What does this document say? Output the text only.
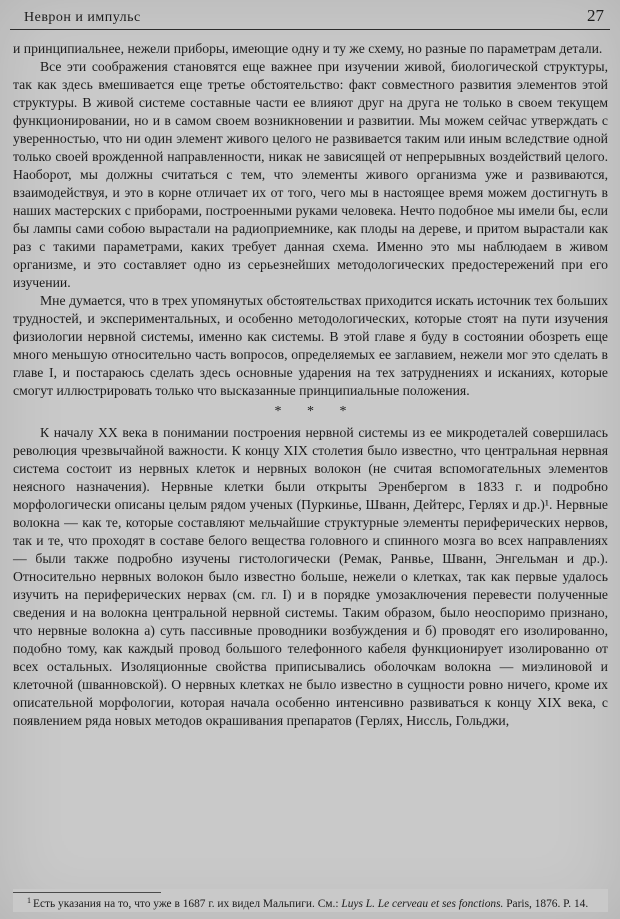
Неврон и импульс	27

и принципиальнее, нежели приборы, имеющие одну и ту же схему, но разные по параметрам детали.

Все эти соображения становятся еще важнее при изучении живой, биологической структуры, так как здесь вмешивается еще третье обстоятельство: факт совместного развития элементов этой структуры. В живой системе составные части ее влияют друг на друга не только в своем текущем функционировании, но и в самом своем возникновении и развитии. Мы можем сейчас утверждать с уверенностью, что ни один элемент живого целого не развивается таким или иным вследствие одной только своей врожденной направленности, никак не зависящей от непрерывных воздействий целого. Наоборот, мы должны считаться с тем, что элементы живого организма уже и развиваются, взаимодействуя, и это в корне отличает их от того, чего мы в настоящее время можем достигнуть в наших мастерских с приборами, построенными руками человека. Нечто подобное мы имели бы, если бы лампы сами собою вырастали на радиоприемнике, как плоды на дереве, и притом вырастали как раз с такими параметрами, каких требует данная схема. Именно это мы наблюдаем в живом организме, и это составляет одно из серьезнейших методологических предостережений при его изучении.

Мне думается, что в трех упомянутых обстоятельствах приходится искать источник тех больших трудностей, и экспериментальных, и особенно методологических, которые стоят на пути изучения физиологии нервной системы, именно как системы. В этой главе я буду в состоянии обозреть еще много меньшую относительно часть вопросов, определяемых ее заглавием, нежели мог это сделать в главе I, и постараюсь сделать здесь основные ударения на тех затруднениях и исканиях, которые смогут иллюстрировать только что высказанные принципиальные положения.

* * *

К началу XX века в понимании построения нервной системы из ее микродеталей совершилась революция чрезвычайной важности. К концу XIX столетия было известно, что центральная нервная система состоит из нервных клеток и нервных волокон (не считая вспомогательных элементов неясного назначения). Нервные клетки были открыты Эренбергом в 1833 г. и подробно морфологически описаны целым рядом ученых (Пуркинье, Шванн, Дейтерс, Герлях и др.)¹. Нервные волокна — как те, которые составляют мельчайшие структурные элементы периферических нервов, так и те, что проходят в составе белого вещества головного и спинного мозга во всех направлениях — были также подробно изучены гистологически (Ремак, Ранвье, Шванн, Энгельман и др.). Относительно нервных волокон было известно больше, нежели о клетках, так как первые удалось изучить на периферических нервах (см. гл. I) и в порядке умозаключения перевести полученные сведения и на волокна центральной нервной системы. Таким образом, было неоспоримо признано, что нервные волокна а) суть пассивные проводники возбуждения и б) проводят его изолированно, подобно тому, как каждый провод большого телефонного кабеля функционирует изолированно от всех остальных. Изоляционные свойства приписывались оболочкам волокна — миэлиновой и клеточной (шванновской). О нервных клетках не было известно в сущности ровно ничего, кроме их описательной морфологии, которая начала особенно интенсивно развиваться к концу XIX века, с появлением ряда новых методов окрашивания препаратов (Герлях, Ниссль, Гольджи,

$^1$ Есть указания на то, что уже в 1687 г. их видел Мальпиги. См.: Luys L. Le cerveau et ses fonctions. Paris, 1876. P. 14.
